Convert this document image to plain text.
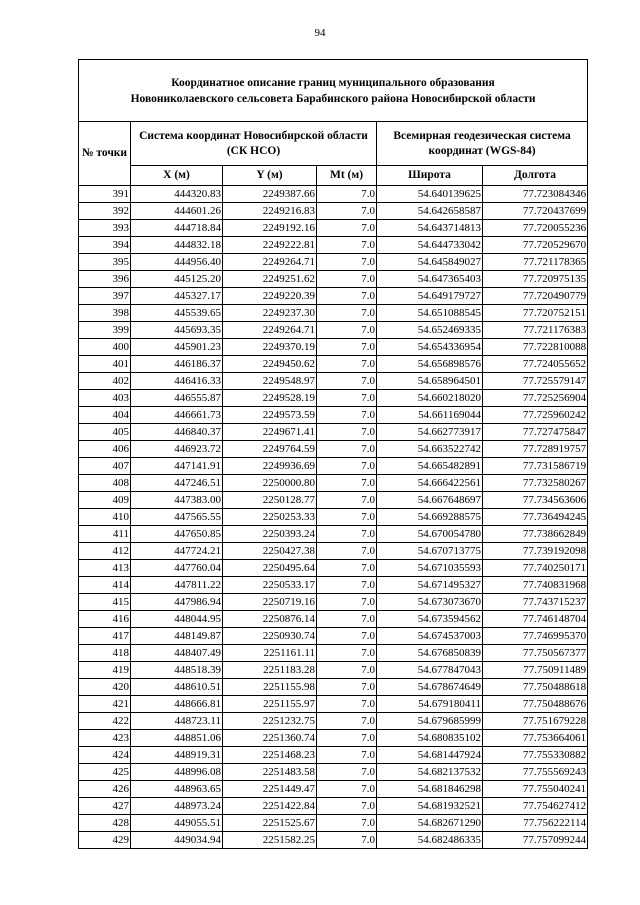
94
Координатное описание границ муниципального образования
Новониколаевского сельсовета Барабинского района Новосибирской области					
№ точки	Система координат Новосибирской области (СК НСО)			Всемирная геодезическая система координат (WGS-84)	
	X (м)	Y (м)	Mt (м)	Широта	Долгота
391	444320.83	2249387.66	7.0	54.640139625	77.723084346
392	444601.26	2249216.83	7.0	54.642658587	77.720437699
393	444718.84	2249192.16	7.0	54.643714813	77.720055236
394	444832.18	2249222.81	7.0	54.644733042	77.720529670
395	444956.40	2249264.71	7.0	54.645849027	77.721178365
396	445125.20	2249251.62	7.0	54.647365403	77.720975135
397	445327.17	2249220.39	7.0	54.649179727	77.720490779
398	445539.65	2249237.30	7.0	54.651088545	77.720752151
399	445693.35	2249264.71	7.0	54.652469335	77.721176383
400	445901.23	2249370.19	7.0	54.654336954	77.722810088
401	446186.37	2249450.62	7.0	54.656898576	77.724055652
402	446416.33	2249548.97	7.0	54.658964501	77.725579147
403	446555.87	2249528.19	7.0	54.660218020	77.725256904
404	446661.73	2249573.59	7.0	54.661169044	77.725960242
405	446840.37	2249671.41	7.0	54.662773917	77.727475847
406	446923.72	2249764.59	7.0	54.663522742	77.728919757
407	447141.91	2249936.69	7.0	54.665482891	77.731586719
408	447246.51	2250000.80	7.0	54.666422561	77.732580267
409	447383.00	2250128.77	7.0	54.667648697	77.734563606
410	447565.55	2250253.33	7.0	54.669288575	77.736494245
411	447650.85	2250393.24	7.0	54.670054780	77.738662849
412	447724.21	2250427.38	7.0	54.670713775	77.739192098
413	447760.04	2250495.64	7.0	54.671035593	77.740250171
414	447811.22	2250533.17	7.0	54.671495327	77.740831968
415	447986.94	2250719.16	7.0	54.673073670	77.743715237
416	448044.95	2250876.14	7.0	54.673594562	77.746148704
417	448149.87	2250930.74	7.0	54.674537003	77.746995370
418	448407.49	2251161.11	7.0	54.676850839	77.750567377
419	448518.39	2251183.28	7.0	54.677847043	77.750911489
420	448610.51	2251155.98	7.0	54.678674649	77.750488618
421	448666.81	2251155.97	7.0	54.679180411	77.750488676
422	448723.11	2251232.75	7.0	54.679685999	77.751679228
423	448851.06	2251360.74	7.0	54.680835102	77.753664061
424	448919.31	2251468.23	7.0	54.681447924	77.755330882
425	448996.08	2251483.58	7.0	54.682137532	77.755569243
426	448963.65	2251449.47	7.0	54.681846298	77.755040241
427	448973.24	2251422.84	7.0	54.681932521	77.754627412
428	449055.51	2251525.67	7.0	54.682671290	77.756222114
429	449034.94	2251582.25	7.0	54.682486335	77.757099244
